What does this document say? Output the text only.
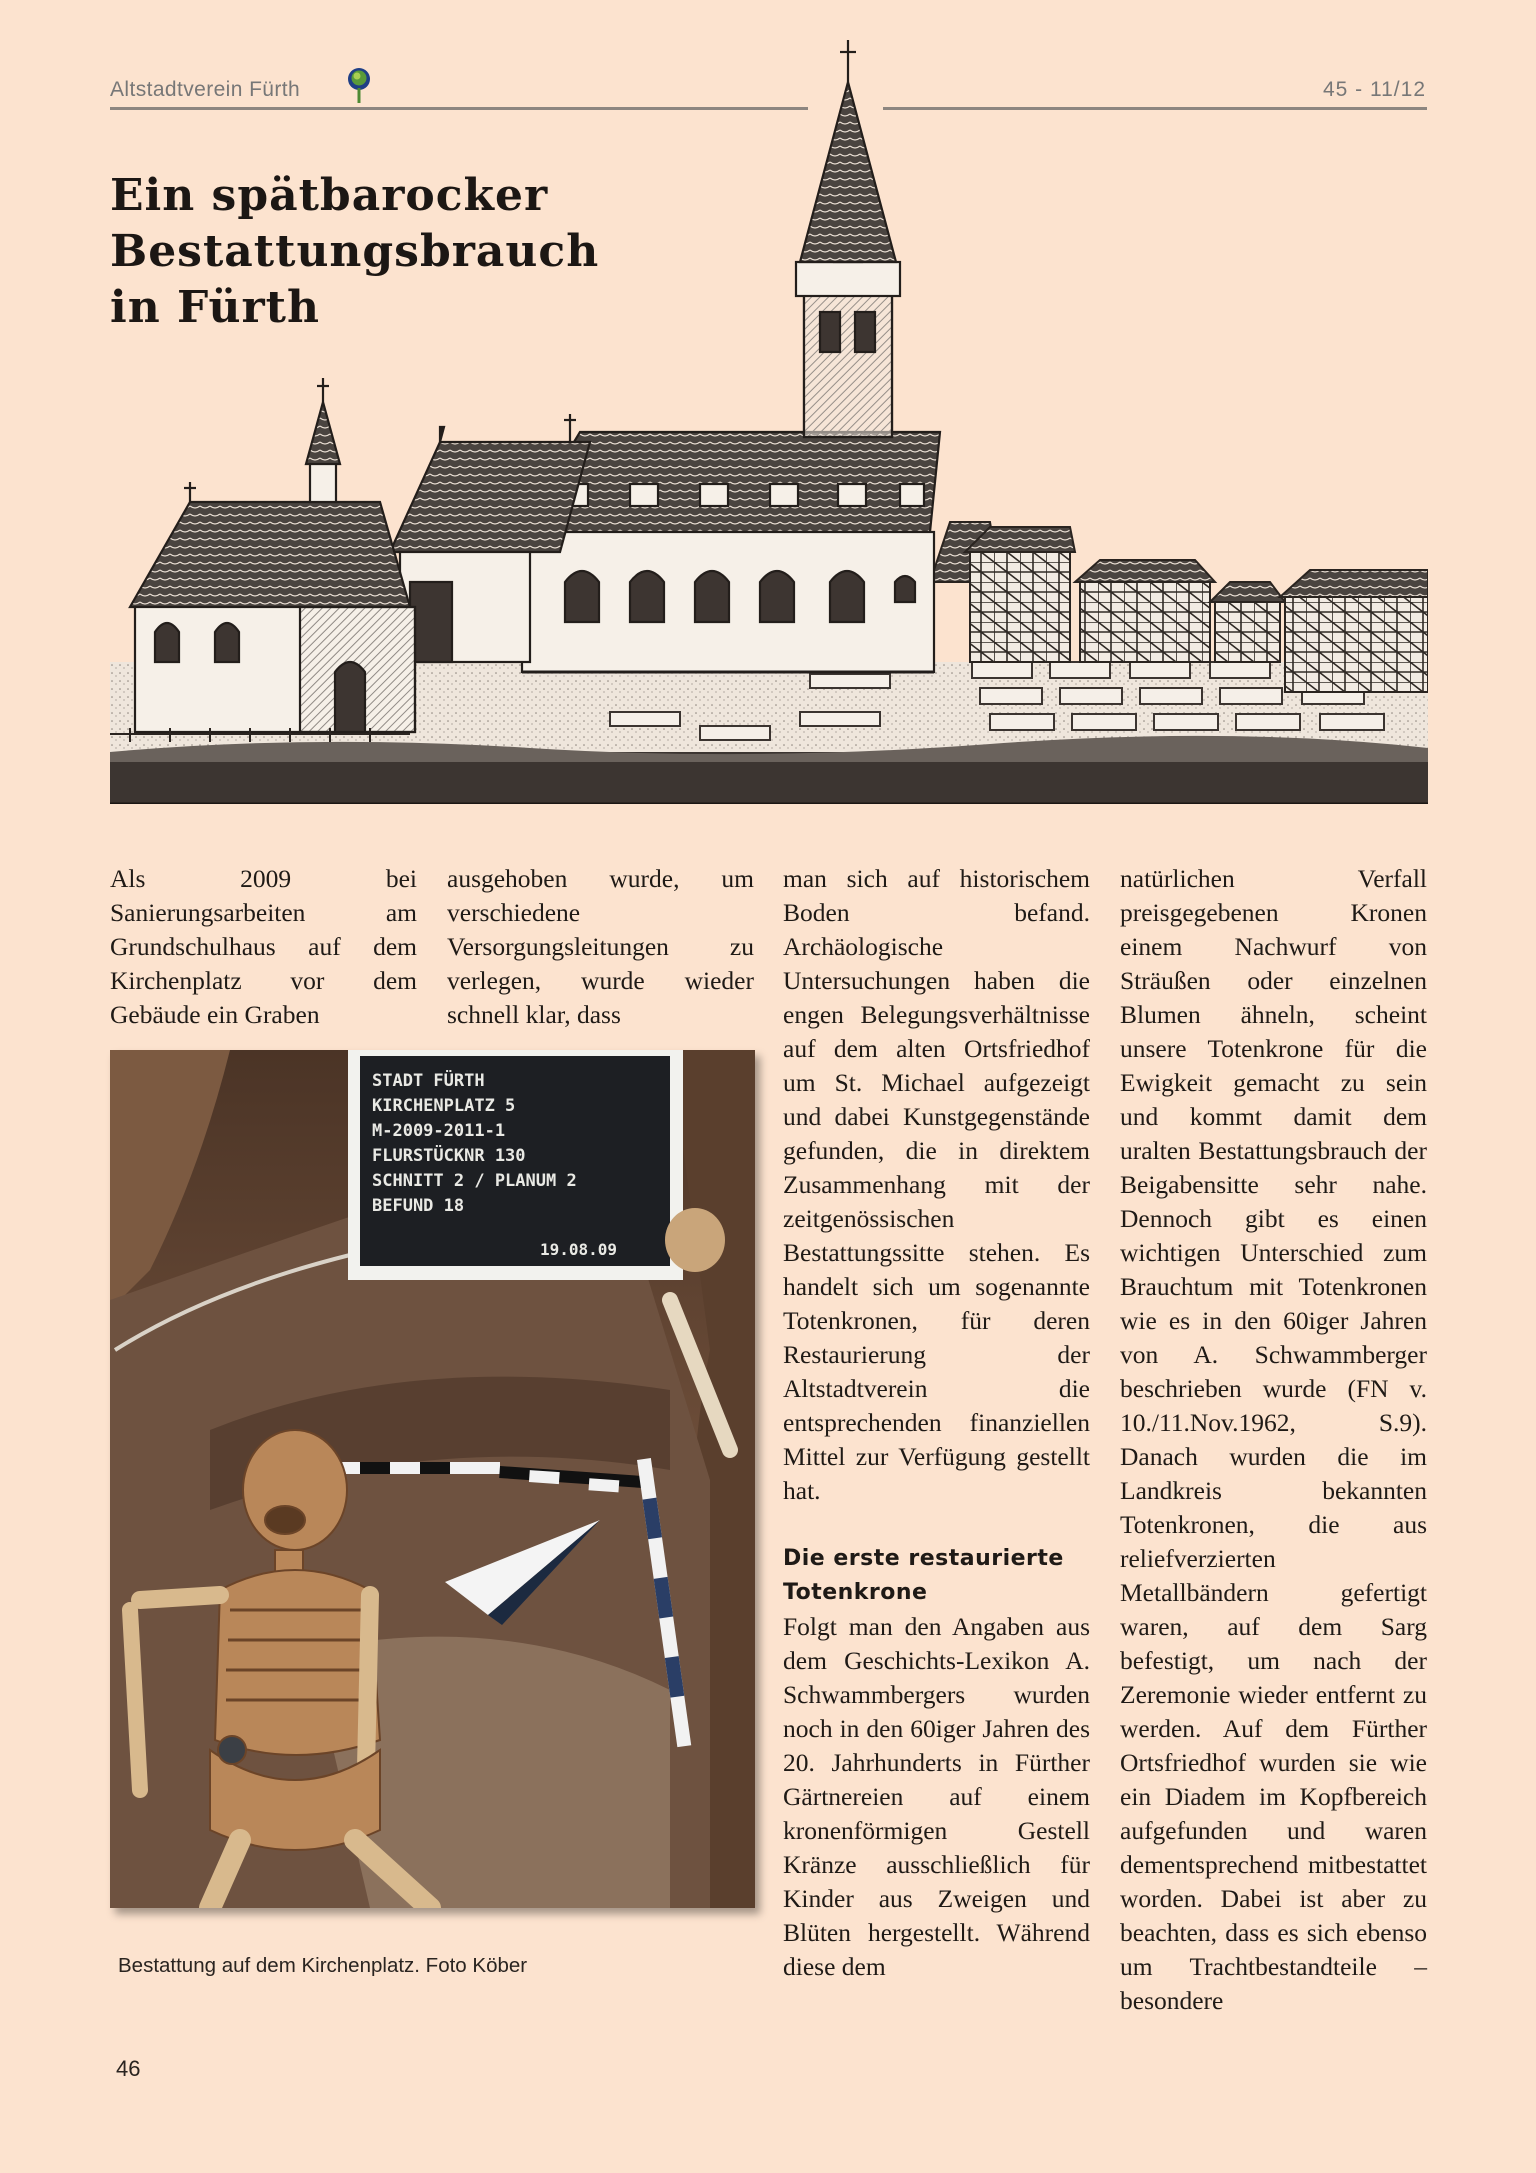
Altstadtverein Fürth	45 - 11/12
Ein spätbarocker
Bestattungsbrauch
in Fürth

Als 2009 bei Sanierungsarbeiten am Grundschulhaus auf dem Kirchenplatz vor dem Gebäude ein Graben

ausgehoben wurde, um verschiedene Versorgungsleitungen zu verlegen, wurde wieder schnell klar, dass

man sich auf historischem Boden befand. Archäologische Untersuchungen haben die engen Belegungsverhältnisse auf dem alten Ortsfriedhof um St. Michael aufgezeigt und dabei Kunstgegenstände gefunden, die in direktem Zusammenhang mit der zeitgenössischen Bestattungssitte stehen. Es handelt sich um sogenannte Totenkronen, für deren Restaurierung der Altstadtverein die entsprechenden finanziellen Mittel zur Verfügung gestellt hat.

Die erste restaurierte Totenkrone

Folgt man den Angaben aus dem Geschichts-Lexikon A. Schwammbergers wurden noch in den 60iger Jahren des 20. Jahrhunderts in Fürther Gärtnereien auf einem kronenförmigen Gestell Kränze ausschließlich für Kinder aus Zweigen und Blüten hergestellt. Während diese dem

natürlichen Verfall preisgegebenen Kronen einem Nachwurf von Sträußen oder einzelnen Blumen ähneln, scheint unsere Totenkrone für die Ewigkeit gemacht zu sein und kommt damit dem uralten Bestattungsbrauch der Beigabensitte sehr nahe. Dennoch gibt es einen wichtigen Unterschied zum Brauchtum mit Totenkronen wie es in den 60iger Jahren von A. Schwammberger beschrieben wurde (FN v. 10./11.Nov.1962, S.9). Danach wurden die im Landkreis bekannten Totenkronen, die aus reliefverzierten Metallbändern gefertigt waren, auf dem Sarg befestigt, um nach der Zeremonie wieder entfernt zu werden. Auf dem Fürther Ortsfriedhof wurden sie wie ein Diadem im Kopfbereich aufgefunden und waren dementsprechend mitbestattet worden. Dabei ist aber zu beachten, dass es sich ebenso um Trachtbestandteile – besondere

STADT FÜRTH
KIRCHENPLATZ 5
M-2009-2011-1
FLURSTÜCKNR 130
SCHNITT 2 / PLANUM 2
BEFUND 18
19.08.09
Bestattung auf dem Kirchenplatz. Foto Köber
46
